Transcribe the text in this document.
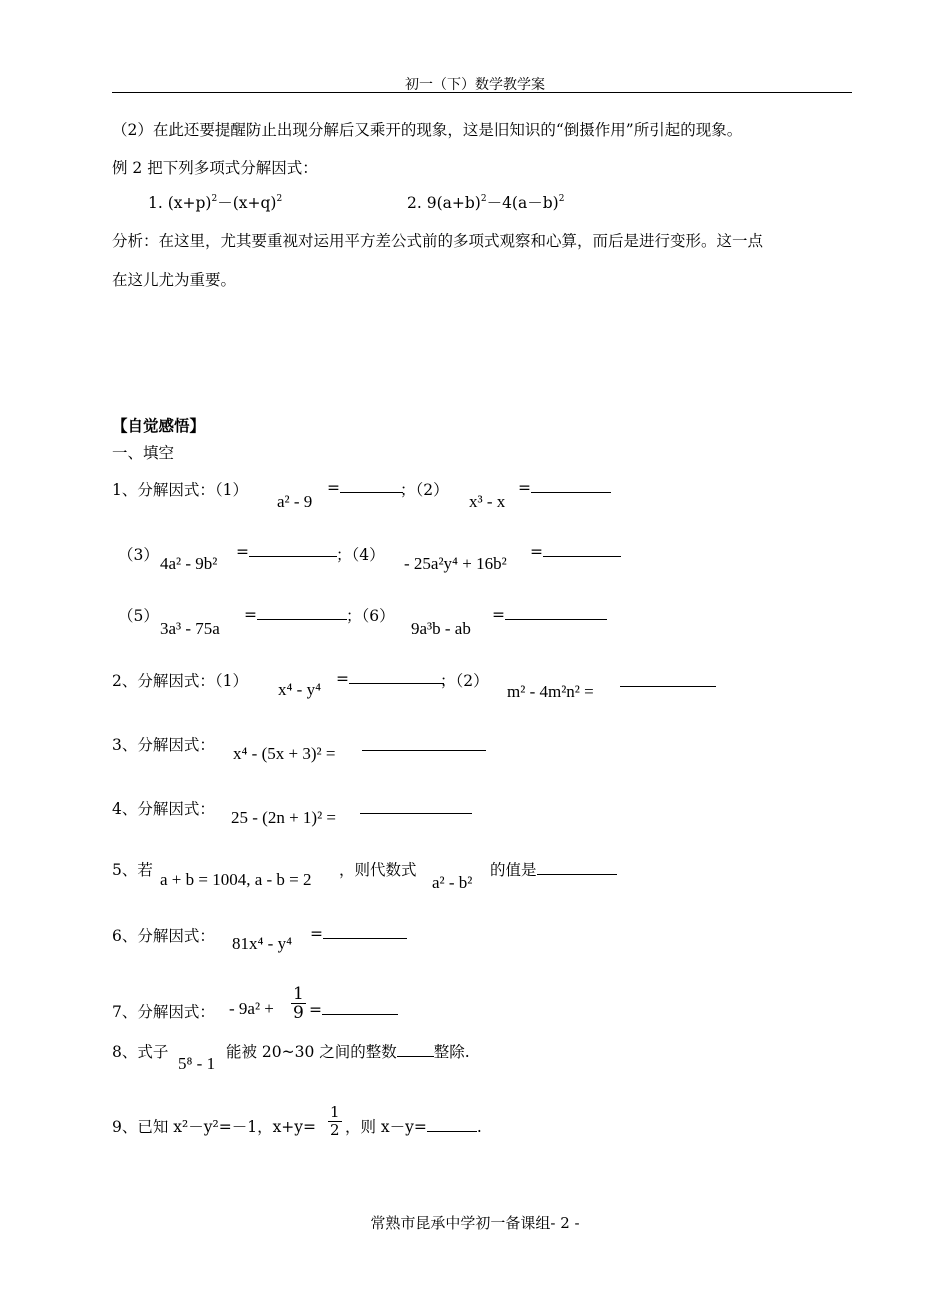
初一（下）数学教学案
（2）在此还要提醒防止出现分解后又乘开的现象，这是旧知识的“倒摄作用”所引起的现象。
例 2 把下列多项式分解因式：
1. $(x+p)^2-(x+q)^2$	2. $9(a+b)^2-4(a-b)^2$
分析：在这里，尤其要重视对运用平方差公式前的多项式观察和心算，而后是进行变形。这一点
在这儿尤为重要。
【自觉感悟】
一、填空
1、分解因式：（1）
a² - 9
=	；（2）
x³ - x
=
（3） 4a² - 9b²
=	；（4） - 25a²y⁴ + 16b²
=
（5）
3a³ - 75a
=	；（6）
9a³b - ab
=
2、分解因式：（1） x⁴ - y⁴
=	；（2）
m² - 4m²n² =
3、分解因式： x⁴ - (5x + 3)² =
4、分解因式： 25 - (2n + 1)² =
5、若 a + b = 1004, a - b = 2 ，则代数式
a² - b²
的值是
6、分解因式： 81x⁴ - y⁴ =
7、分解因式： - $9a^2 + \frac{1}{9}$ =
8、式子
5⁸ - 1
能被 20~30 之间的整数 整除.
9、已知 x²－y²=－1，$x+y= \frac{1}{2}$ ，则 x－y=	.
常熟市昆承中学初一备课组- 2 -
